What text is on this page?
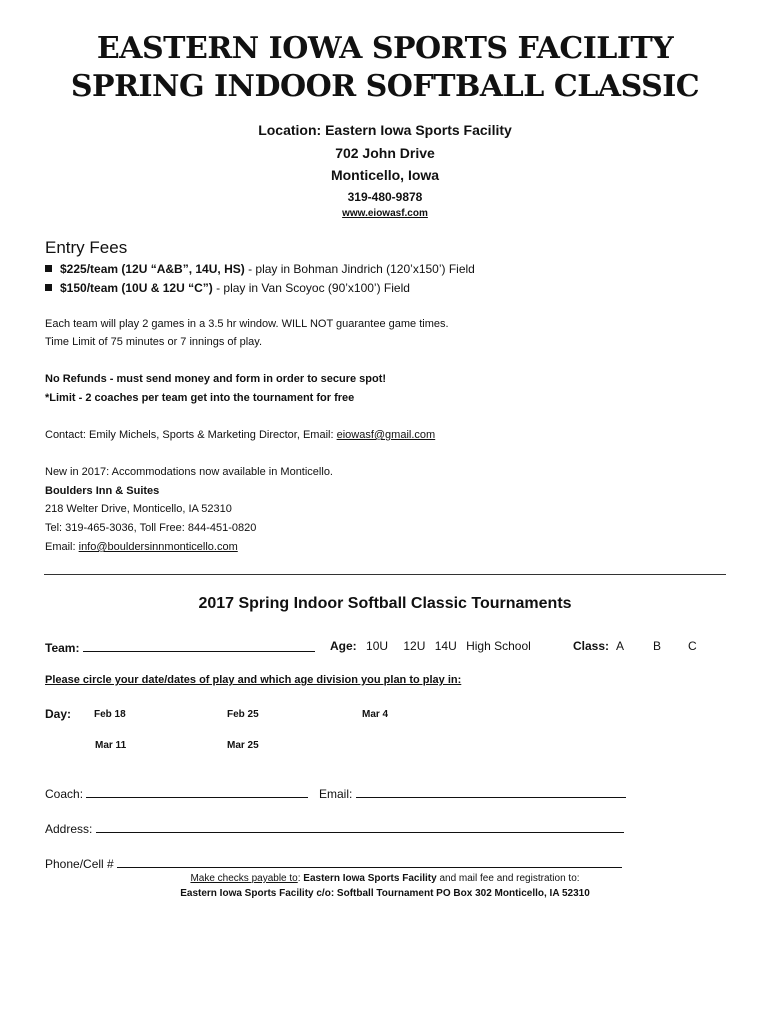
EASTERN IOWA SPORTS FACILITY
SPRING INDOOR SOFTBALL CLASSIC
Location: Eastern Iowa Sports Facility
702 John Drive
Monticello, Iowa
319-480-9878
www.eiowasf.com
Entry Fees
$225/team (12U “A&B”, 14U, HS) - play in Bohman Jindrich (120’x150’) Field
$150/team (10U & 12U “C”) - play in Van Scoyoc (90’x100’) Field
Each team will play 2 games in a 3.5 hr window. WILL NOT guarantee game times.
Time Limit of 75 minutes or 7 innings of play.
No Refunds - must send money and form in order to secure spot!
*Limit - 2 coaches per team get into the tournament for free
Contact: Emily Michels, Sports & Marketing Director, Email: eiowasf@gmail.com
New in 2017: Accommodations now available in Monticello.
Boulders Inn & Suites
218 Welter Drive, Monticello, IA 52310
Tel: 319-465-3036, Toll Free: 844-451-0820
Email: info@bouldersinnmonticello.com
2017 Spring Indoor Softball Classic Tournaments
Team:	Age: 10U 12U 14U High School	Class: A B C
Please circle your date/dates of play and which age division you plan to play in:
Day: Feb 18	Feb 25	Mar 4
Mar 11	Mar 25
Coach:	Email:
Address:
Phone/Cell #
Make checks payable to: Eastern Iowa Sports Facility and mail fee and registration to:
Eastern Iowa Sports Facility c/o: Softball Tournament PO Box 302 Monticello, IA 52310
